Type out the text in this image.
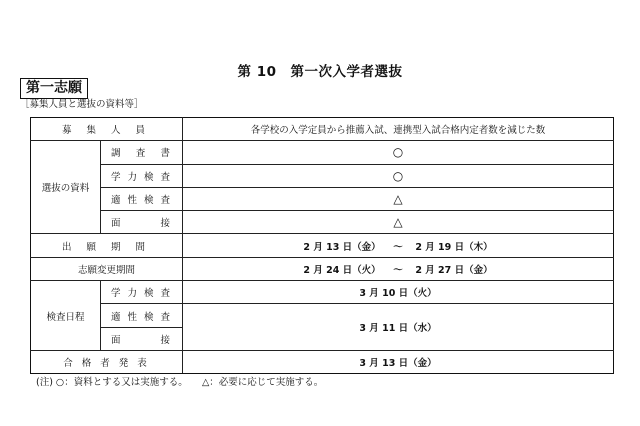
第 10　第一次入学者選抜
第一志願
［募集人員と選抜の資料等］
募 集 人 員		各学校の入学定員から推薦入試、連携型入試合格内定者数を減じた数
選抜の資料	調 査 書	○

	学 力 検 査	○

	適 性 検 査	△

	面 接	△
出 願 期 間		2 月 13 日（金） ～ 2 月 19 日（木）
志願変更期間		2 月 24 日（火） ～ 2 月 27 日（金）
検査日程	学 力 検 査	3 月 10 日（火）

	適 性 検 査	3 月 11 日（水）

	面 接	

合 格 者 発 表		3 月 13 日（金）
(注) ○：資料とする又は実施する。　　△：必要に応じて実施する。
